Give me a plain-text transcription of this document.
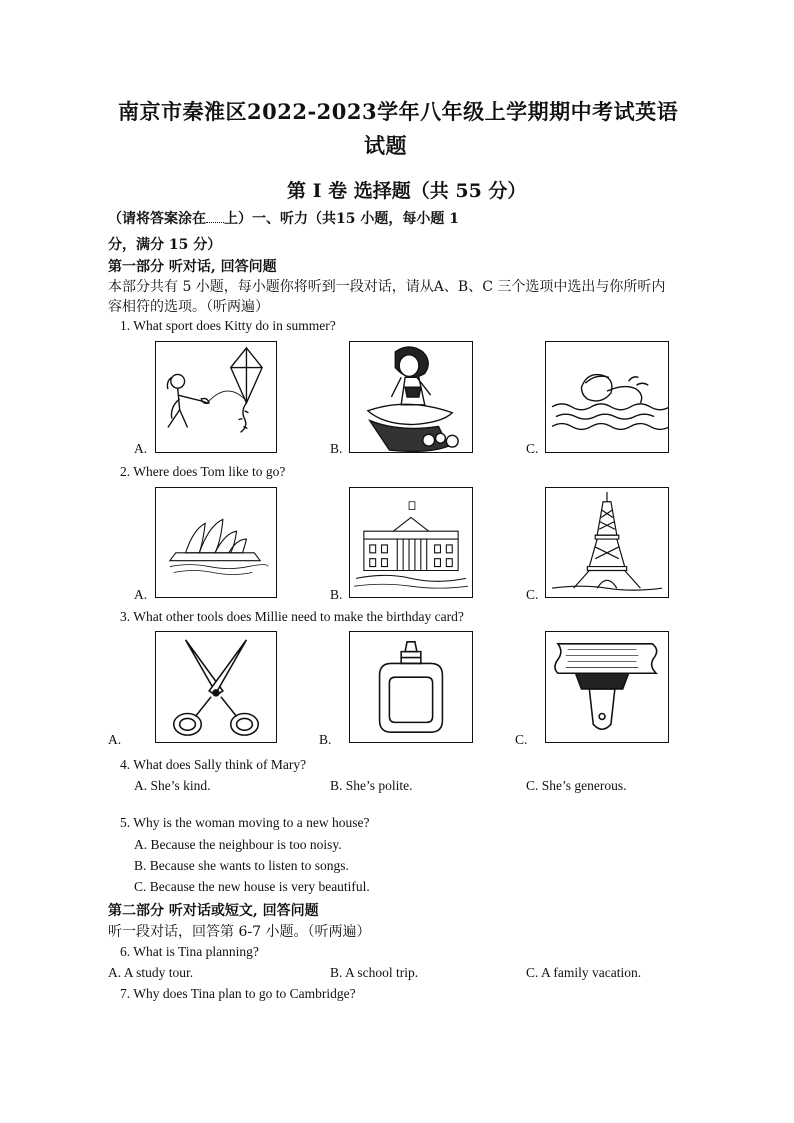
南京市秦淮区2022-2023学年八年级上学期期中考试英语
试题
第 I 卷 选择题（共 55 分）
（请将答案涂在 上）一、听力（共15 小题，每小题 1
分，满分 15 分）
第一部分 听对话, 回答问题
本部分共有 5 小题，每小题你将听到一段对话，请从A、B、C 三个选项中选出与你所听内
容相符的选项。（听两遍）
1. What sport does Kitty do in summer?
A.	B.	C.
2. Where does Tom like to go?
A.	B.	C.
3. What other tools does Millie need to make the birthday card?
A.	B.	C.
4. What does Sally think of Mary?
A. She’s kind.	B. She’s polite.	C. She’s generous.
5. Why is the woman moving to a new house?
A. Because the neighbour is too noisy.
B. Because she wants to listen to songs.
C. Because the new house is very beautiful.
第二部分 听对话或短文, 回答问题
听一段对话，回答第 6-7 小题。（听两遍）
6. What is Tina planning?
A. A study tour.	B. A school trip.	C. A family vacation.
7. Why does Tina plan to go to Cambridge?
